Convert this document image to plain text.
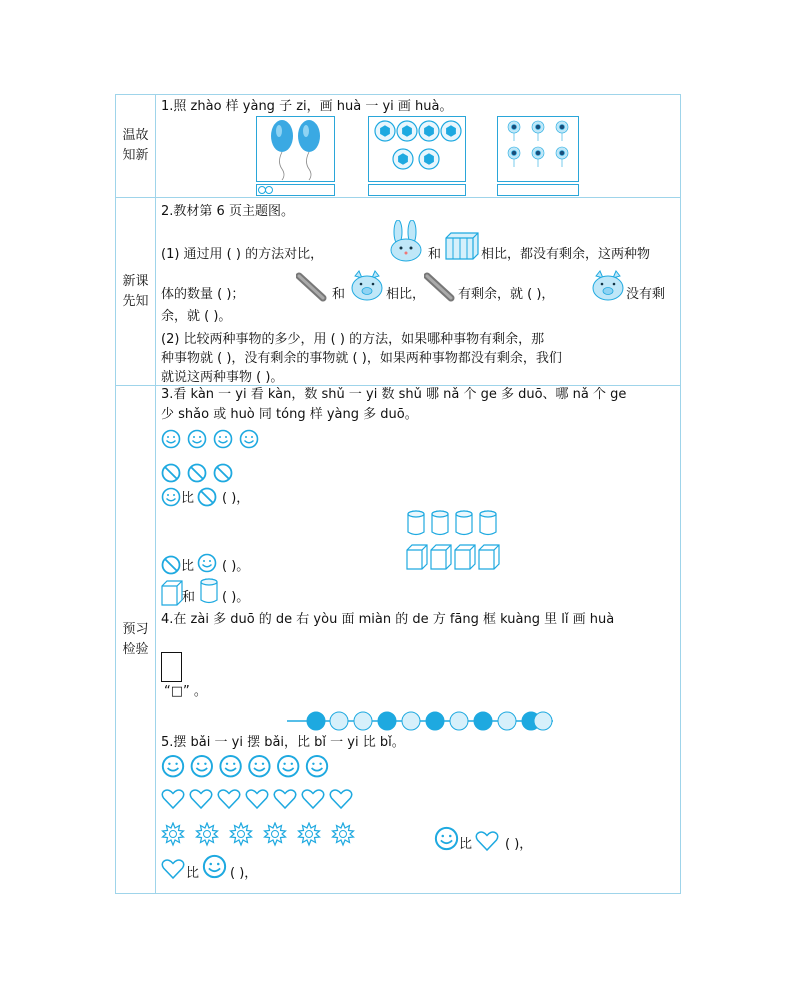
温故知新
1.照 zhào 样 yàng 子 zi，画 huà 一 yi 画 huà。
新课先知
2.教材第 6 页主题图。
(1) 通过用 ( ) 的方法对比，	和	相比，都没有剩余，这两种物
体的数量 ( )；	和	相比，	有剩余，就 ( )，	没有剩
余，就 ( )。
(2) 比较两种事物的多少，用 ( ) 的方法，如果哪种事物有剩余，那
种事物就 ( )，没有剩余的事物就 ( )，如果两种事物都没有剩余，我们
就说这两种事物 ( )。
预习检验
3.看 kàn 一 yi 看 kàn，数 shǔ 一 yi 数 shǔ 哪 nǎ 个 ge 多 duō、哪 nǎ 个 ge
少 shǎo 或 huò 同 tóng 样 yàng 多 duō。
比 ( )，
比 ( )。
和 ( )。
4.在 zài 多 duō 的 de 右 yòu 面 miàn 的 de 方 fāng 框 kuàng 里 lǐ 画 huà
“□” 。
5.摆 bǎi 一 yi 摆 bǎi，比 bǐ 一 yi 比 bǐ。
比	( )，
比 ( )，
